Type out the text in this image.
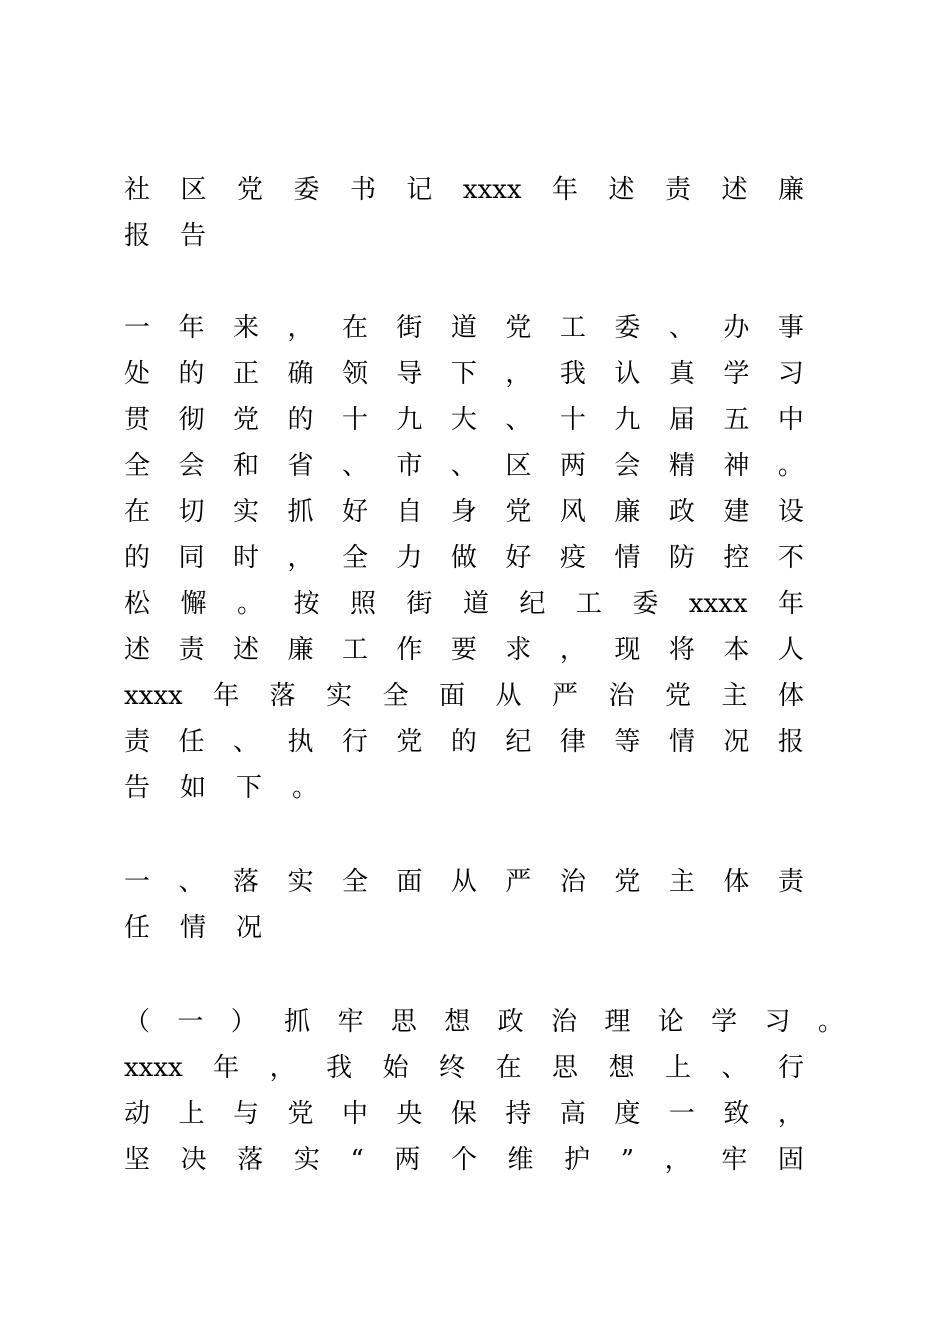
社 区 党 委 书 记 xxxx 年 述 责 述 廉
报 告
一 年 来 ， 在 街 道 党 工 委 、 办 事
处 的 正 确 领 导 下 ， 我 认 真 学 习
贯 彻 党 的 十 九 大 、 十 九 届 五 中
全 会 和 省 、 市 、 区 两 会 精 神 。
在 切 实 抓 好 自 身 党 风 廉 政 建 设
的 同 时 ， 全 力 做 好 疫 情 防 控 不
松 懈 。 按 照 街 道 纪 工 委 xxxx 年
述 责 述 廉 工 作 要 求 ， 现 将 本 人
xxxx 年 落 实 全 面 从 严 治 党 主 体
责 任 、 执 行 党 的 纪 律 等 情 况 报
告 如 下 。
一 、 落 实 全 面 从 严 治 党 主 体 责
任 情 况
（ 一 ） 抓 牢 思 想 政 治 理 论 学 习 。
xxxx 年 ， 我 始 终 在 思 想 上 、 行
动 上 与 党 中 央 保 持 高 度 一 致 ，
坚 决 落 实 “ 两 个 维 护 ” ， 牢 固
